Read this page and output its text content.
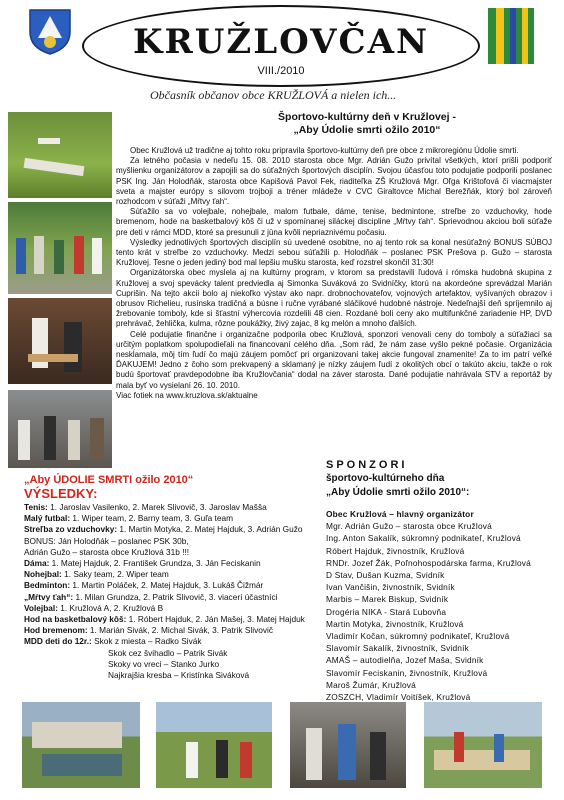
KRUŽLOVČAN
VIII./2010
Občasník občanov obce KRUŽLOVÁ a nielen ich...
Športovo-kultúrny deň v Kružlovej -
„Aby Údolie smrti ožilo 2010“

Obec Kružlová už tradične aj tohto roku pripravila športovo-kultúrny deň pre obce z mikroregiónu Údolie smrti.

Za letného počasia v nedeľu 15. 08. 2010 starosta obce Mgr. Adrián Gužo privítal všetkých, ktorí prišli podporiť myšlienku organizátorov a zapojili sa do súťažných športových disciplín. Svojou účasťou toto podujatie podporili poslanec PSK Ing. Ján Holodňák, starosta obce Kapišová Pavol Fek, riaditeľka ZŠ Kružlová Mgr. Oľga Krištofová či viacmajster sveta a majster európy s silovom trojboji a tréner mládeže v CVC Giraltovce Michal Berežňák, ktorý bol zároveň rozhodcom v súťaži „Mŕtvy ťah“.

Súťažilo sa vo volejbale, nohejbale, malom futbale, dáme, tenise, bedmintone, streľbe zo vzduchovky, hode bremenom, hode na basketbalový kôš či už v spomínanej siláckej discipline „Mŕtvy ťah“. Sprievodnou akciou boli súťaže pre deti v rámci MDD, ktoré sa presunuli z jūna kvôli nepriaznivému počasiu.

Výsledky jednotlivých športových disciplín sú uvedené osobitne, no aj tento rok sa konal nesúťažný BONUS SÚBOJ tento krát v streľbe zo vzduchovky. Medzi sebou súťažili p. Holodňák – poslanec PSK Prešova p. Gužo – starosta Kružlovej. Tesne o jeden jediný bod mal lepšiu mušku starosta, keď rozstrel skončil 31:30!

Organizátorska obec myslela aj na kultúrny program, v ktorom sa predstavili ľudová i rómska hudobná skupina z Kružlovej a svoj spevácky talent predviedla aj Simonka Suváková zo Svidníčky, ktorú na akordeóne sprevádzal Marián Cuprišin. Na tejto akcii bolo aj niekoľko výstav ako napr. drobnochovateľov, vojnových artefaktov, vyšívaných obrazov i obrusov Richelieu, rusínska tradičná a búsne i ručne vyrábané sláčikové hudobné nástroje. Nedeľnajší deň spríjemnilo aj žrebovanie tomboly, kde si šťastní výhercovia rozdelili 48 cien. Rozdané boli ceny ako multifunkčné zariadenie HP, DVD prehrávač, žehlička, kulma, rôzne poukážky, živý zajac, 8 kg melón a mnoho ďalších.

Celé podujatie finančne i organizačne podporila obec Kružlová, sponzori venovali ceny do tomboly a súťažiaci sa určitým poplatkom spolupodieľali na financovaní celého dňa. „Som rád, že nám zase vyšlo pekné počasie. Organizácia neskĺamala, môj tím ľudí čo majú záujem pomôcť pri organizovaní takej akcie fungoval znamenite! Za to im patrí veľké ĎAKUJEM! Jedno z čoho som prekvapený a sklamaný je nízky záujem ľudí z okolitých obcí o takúto akciu, takže o rok budú športovať pravdepodobne iba Kružlovčania“ dodal na záver starosta. Dané podujatie nahrávala STV a reportáž by mala byť vo vysielaní 26. 10. 2010.

Viac fotiek na www.kruzlova.sk/aktualne

„Aby ÚDOLIE SMRTI ožilo 2010“
VÝSLEDKY:
Tenis: 1. Jaroslav Vasilenko, 2. Marek Slivovič, 3. Jaroslav Mašša
Malý futbal: 1. Wiper team, 2. Barny team, 3. Guľa team
Streľba zo vzduchovky: 1. Martin Motyka, 2. Matej Hajduk, 3. Adrián Gužo
BONUS: Ján Holodňák – poslanec PSK 30b,
Adrián Gužo – starosta obce Kružlová 31b !!!
Dáma: 1. Matej Hajduk, 2. František Grundza, 3. Ján Feciskanin
Nohejbal: 1. Saky team, 2. Wiper team
Bedminton: 1. Martin Poláček, 2. Matej Hajduk, 3. Lukáš Čižmár
„Mŕtvy ťah“: 1. Milan Grundza, 2. Patrik Slivovič, 3. viacerí účastníci
Volejbal: 1. Kružlová A, 2. Kružlová B
Hod na basketbalový kôš: 1. Róbert Hajduk, 2. Ján Mašej, 3. Matej Hajduk
Hod bremenom: 1. Marián Sivák, 2. Michal Sivák, 3. Patrik Slivovič
MDD deti do 12r.: Skok z miesta – Radko Sivák
Skok cez švihadlo – Patrik Sivák
Skoky vo vreci – Stanko Jurko
Najkrajšia kresba – Kristínka Siváková
SPONZORI
športovo-kultúrneho dňa
„Aby Údolie smrti ožilo 2010“:
Obec Kružlová – hlavný organizátor
Mgr. Adrián Gužo – starosta obce Kružlová
Ing. Anton Sakalík, súkromný podnikateľ, Kružlová
Róbert Hajduk, živnostník, Kružlová
RNDr. Jozef Žák, Poľnohospodárska farma, Kružlová
D Stav, Dušan Kuzma, Svidník
Ivan Vančišin, živnostník, Svidník
Marbis – Marek Biskup, Svidník
Drogéria NIKA - Stará Ľubovňa
Martin Motyka, živnostník, Kružlová
Vladimír Kočan, súkromný podnikateľ, Kružlová
Slavomír Sakalík, živnostník, Svidník
AMAŠ – autodielňa, Jozef Maša, Svidník
Slavomír Feciskanin, živnostník, Kružlová
Maroš Žumár, Kružlová
ZOSZCH, Vladimír Voitíšek, Kružlová
